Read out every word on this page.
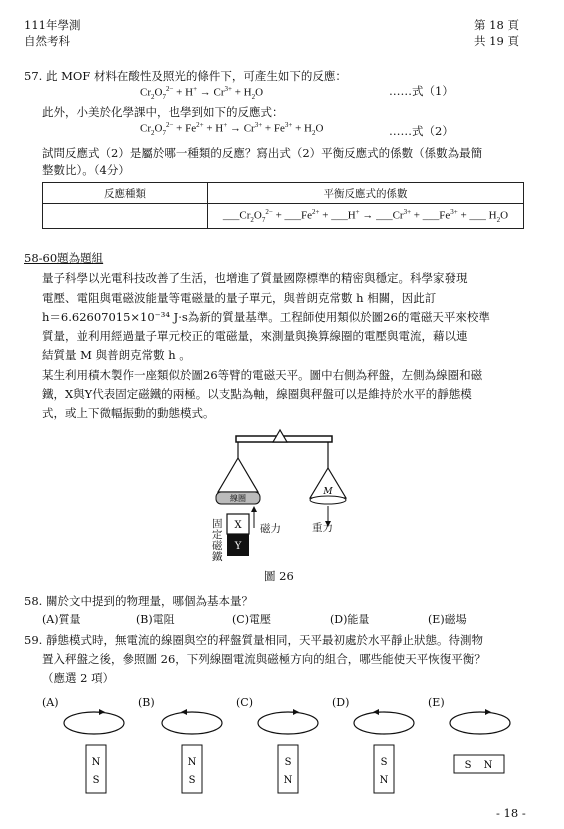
111年學測
自然考科
第 18 頁
共 19 頁
57. 此 MOF 材料在酸性及照光的條件下，可產生如下的反應：
$Cr_2O_7^{2-} + H^+ \to Cr^{3+} + H_2O$	……式（1）
此外，小美於化學課中，也學到如下的反應式：
$Cr_2O_7^{2-} + Fe^{2+} + H^+ \to Cr^{3+} + Fe^{3+} + H_2O$	……式（2）
試問反應式（2）是屬於哪一種類的反應？寫出式（2）平衡反應式的係數（係數為最簡
整數比）。（4分）
反應種類	平衡反應式的係數
	$\_\_\_Cr_2O_7^{2-}$ + $\_\_\_Fe^{2+}$ + ___H+ → $\_\_\_Cr^{3+}$ + $\_\_\_Fe^{3+}$ + ___ $H_2O$
58-60題為題組
量子科學以光電科技改善了生活，也增進了質量國際標準的精密與穩定。科學家發現
電壓、電阻與電磁波能量等電磁量的量子單元，與普朗克常數 h 相關，因此訂
h＝6.62607015×10⁻³⁴ J·s為新的質量基準。工程師使用類似於圖26的電磁天平來校準
質量，並利用經過量子單元校正的電磁量，來測量與換算線圈的電壓與電流，藉以連
結質量 M 與普朗克常數 h 。
某生利用積木製作一座類似於圖26等臂的電磁天平。圖中右側為秤盤，左側為線圈和磁
鐵，X與Y代表固定磁鐵的兩極。以支點為軸，線圈與秤盤可以是維持於水平的靜態模
式，或上下微幅振動的動態模式。
線圈
M
X
Y
磁力	重力
固定磁鐵
圖 26
58. 關於文中提到的物理量，哪個為基本量？
(A)質量	(B)電阻	(C)電壓	(D)能量	(E)磁場
59. 靜態模式時，無電流的線圈與空的秤盤質量相同，天平最初處於水平靜止狀態。待測物
置入秤盤之後，參照圖 26，下列線圈電流與磁極方向的組合，哪些能使天平恢復平衡？
（應選 2 項）
(A)	(B)	(C)	(D)	(E)
N
S
N
S
S
N
S
N
S N
- 18 -
